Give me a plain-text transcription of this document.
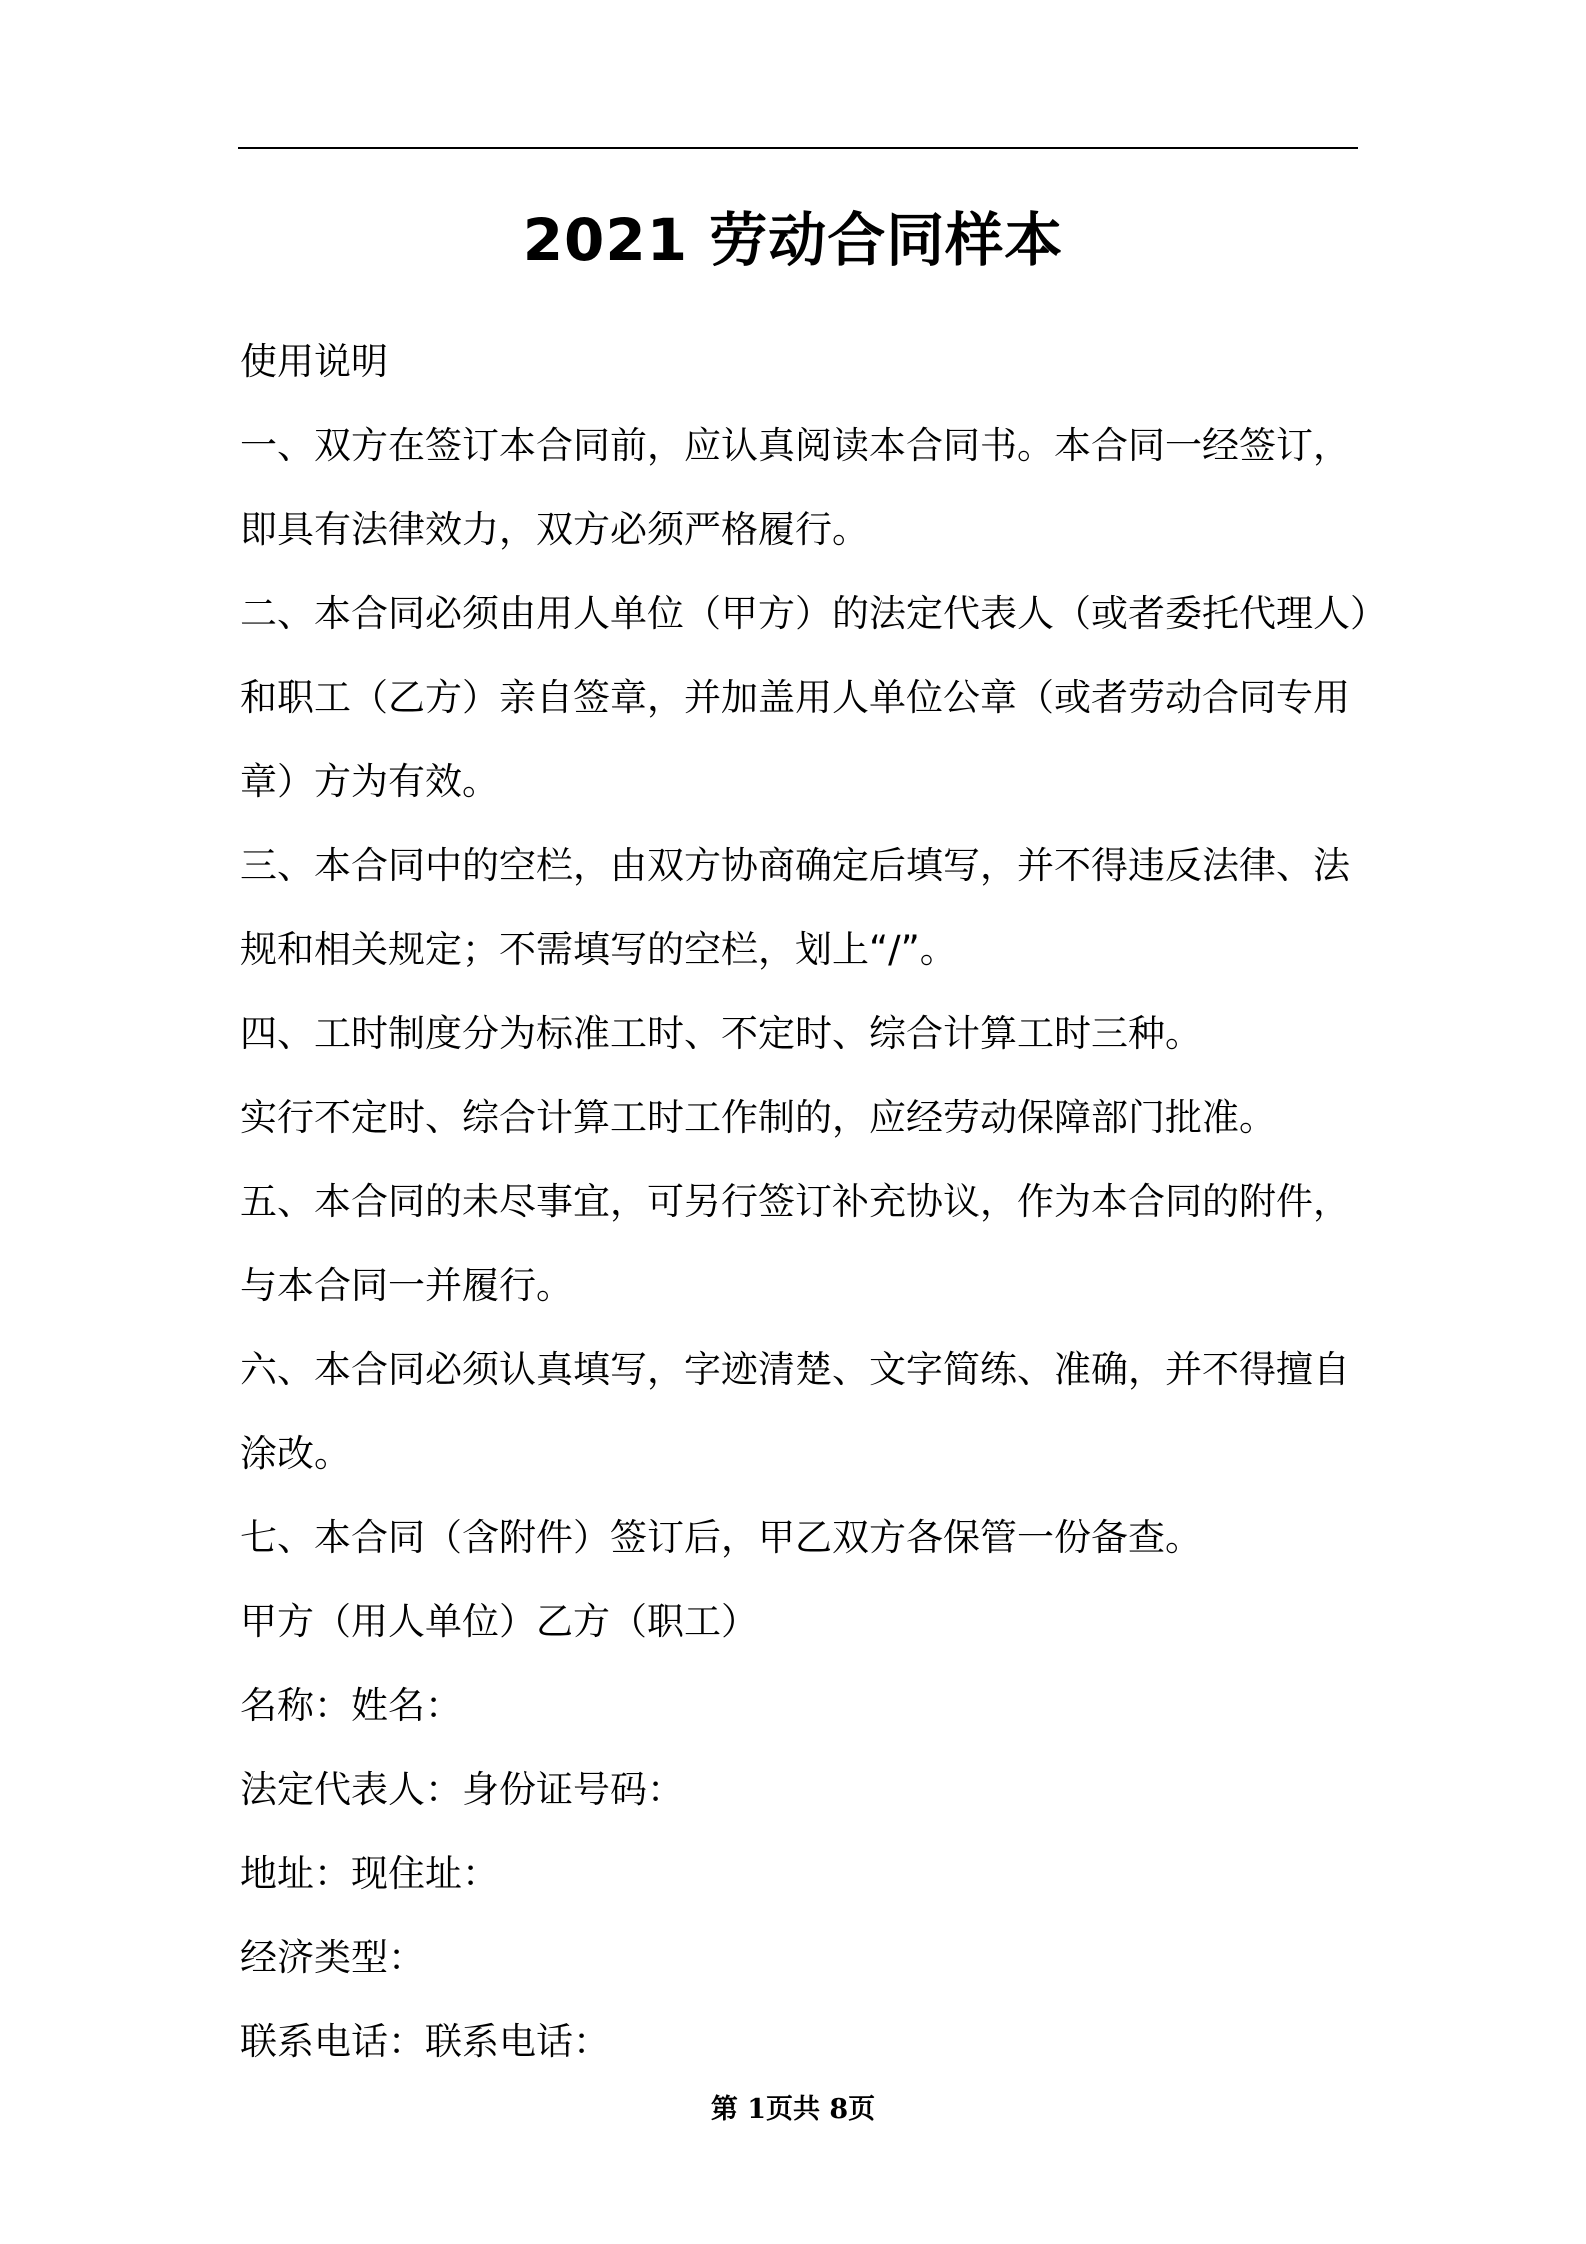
2021 劳动合同样本
使用说明
一、双方在签订本合同前，应认真阅读本合同书。本合同一经签订，
即具有法律效力，双方必须严格履行。
二、本合同必须由用人单位（甲方）的法定代表人（或者委托代理人）
和职工（乙方）亲自签章，并加盖用人单位公章（或者劳动合同专用
章）方为有效。
三、本合同中的空栏，由双方协商确定后填写，并不得违反法律、法
规和相关规定；不需填写的空栏，划上“/”。
四、工时制度分为标准工时、不定时、综合计算工时三种。
实行不定时、综合计算工时工作制的，应经劳动保障部门批准。
五、本合同的未尽事宜，可另行签订补充协议，作为本合同的附件，
与本合同一并履行。
六、本合同必须认真填写，字迹清楚、文字简练、准确，并不得擅自
涂改。
七、本合同（含附件）签订后，甲乙双方各保管一份备查。
甲方（用人单位）乙方（职工）
名称：姓名：
法定代表人：身份证号码：
地址：现住址：
经济类型：
联系电话：联系电话：
第 1页共 8页
